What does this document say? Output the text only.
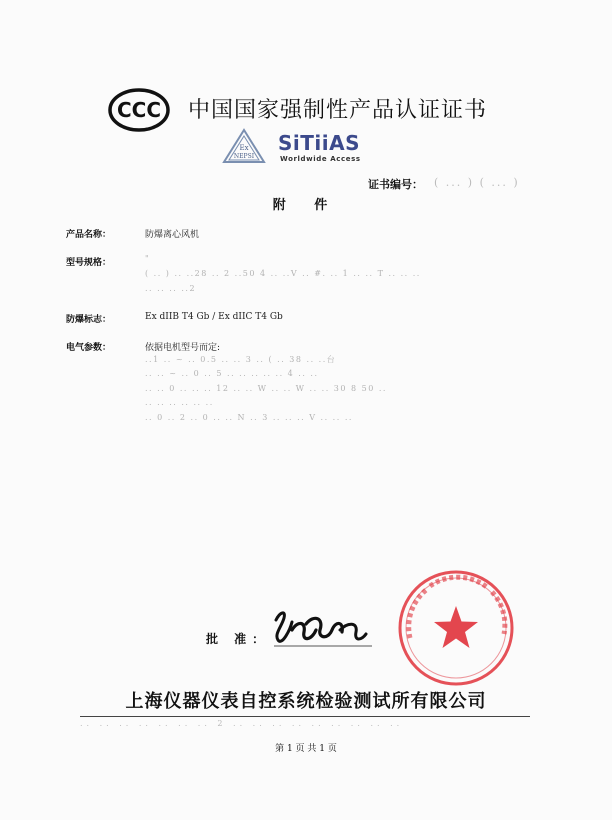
CCC 中国国家强制性产品认证证书
Ex
NEPSI
SiTiiAS
Worldwide Access
证书编号： ( ... ) ( ... )
附 件
产品名称：	防爆离心风机
型号规格：	"
( .. ) .. ..28 .. 2 ..50 4 .. ..V .. #. .. 1 .. .. T .. .. ..
.. .. .. ..2
防爆标志：	Ex dIIB T4 Gb / Ex dIIC T4 Gb
电气参数：	依据电机型号而定:
..1 .. ~ .. 0.5 .. .. 3 .. ( .. 38 .. ..台
.. .. ~ .. 0 .. 5 .. .. .. .. .. 4 .. ..
.. .. 0 .. .. .. 12 .. .. W .. .. W .. .. 30 8 50 ..
.. .. .. .. .. ..
.. 0 .. 2 .. 0 .. .. N .. 3 .. .. .. V .. .. ..
批 准：
上海仪器仪表自控系统检验测试所有限公司
.. .. .. .. .. .. .. 2 .. .. .. .. .. .. .. .. ..
第 1 页 共 1 页
